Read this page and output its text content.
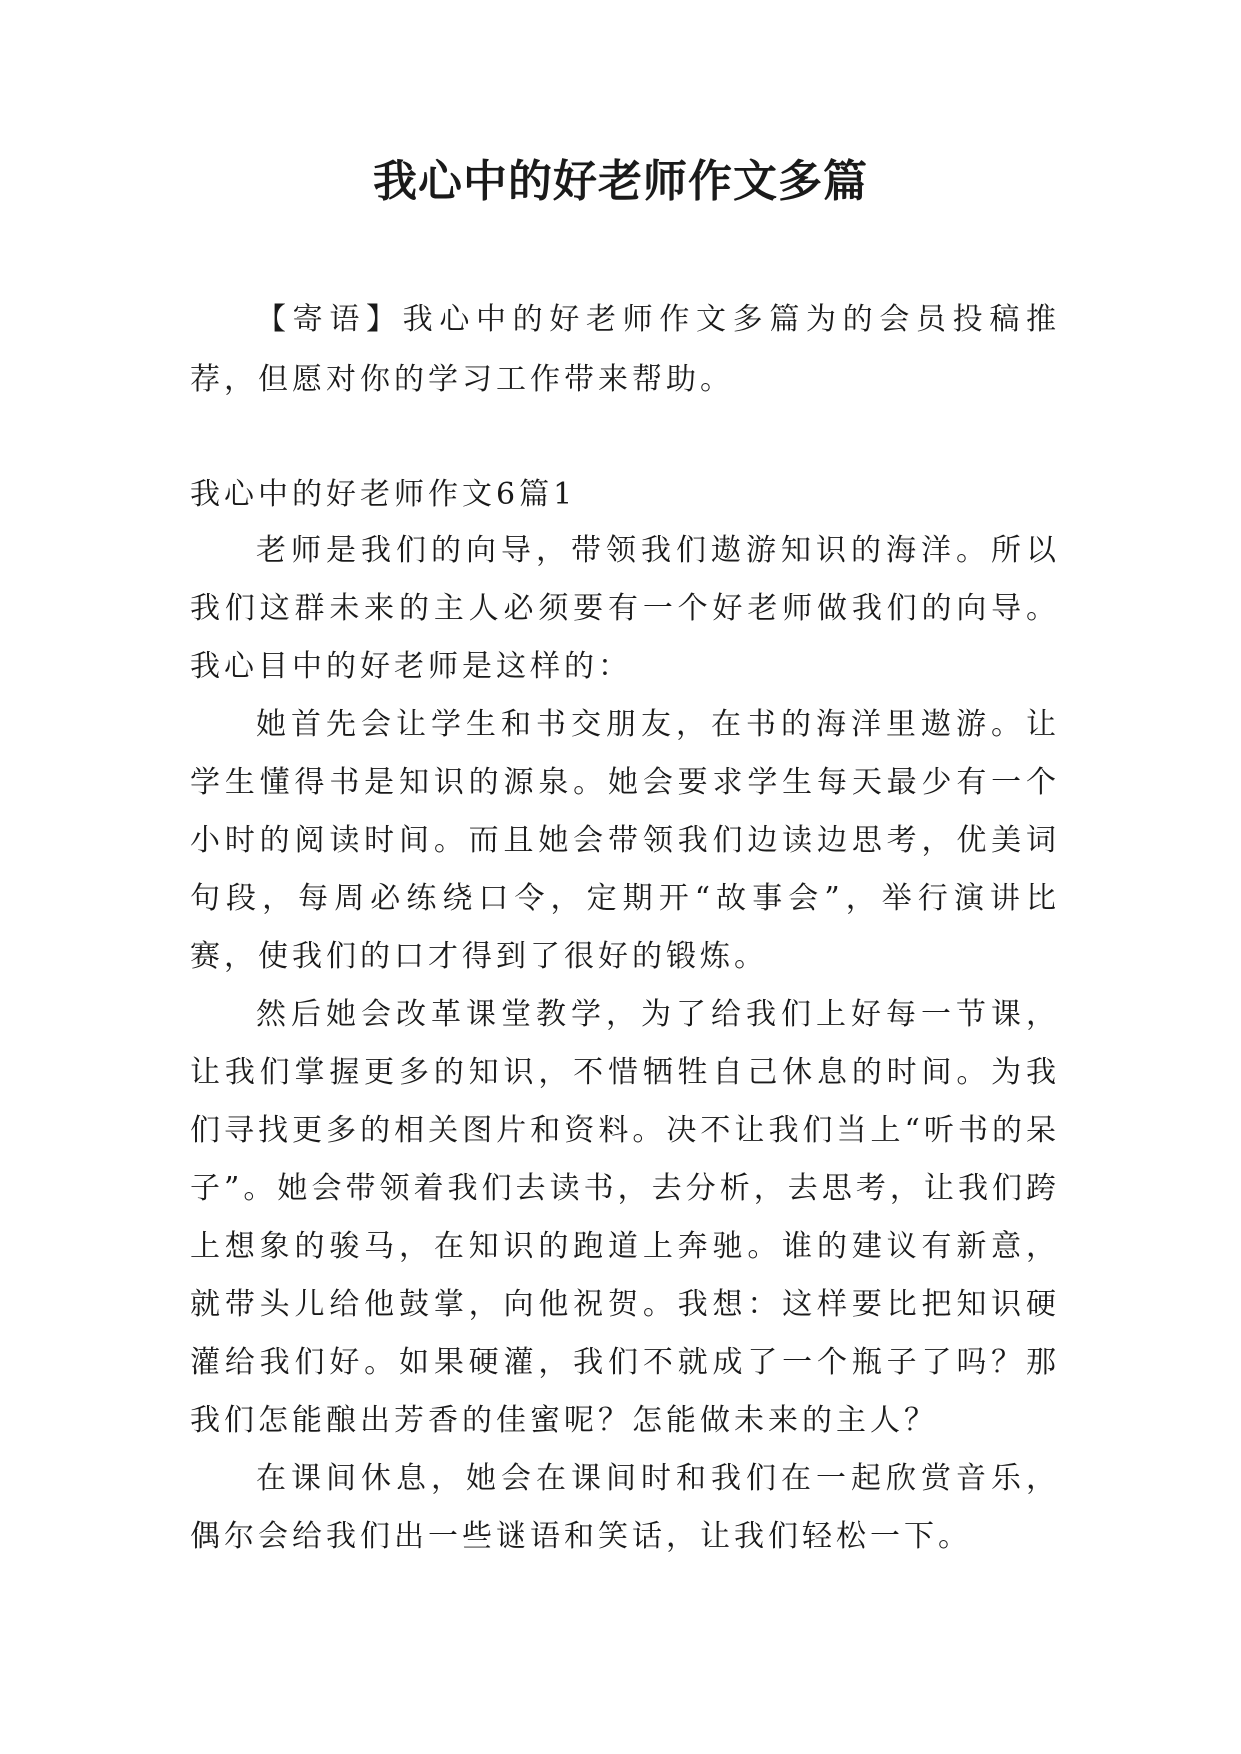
我心中的好老师作文多篇

【寄语】我心中的好老师作文多篇为的会员投稿推荐，但愿对你的学习工作带来帮助。

我心中的好老师作文6篇1

老师是我们的向导，带领我们遨游知识的海洋。所以我们这群未来的主人必须要有一个好老师做我们的向导。我心目中的好老师是这样的：

她首先会让学生和书交朋友，在书的海洋里遨游。让学生懂得书是知识的源泉。她会要求学生每天最少有一个小时的阅读时间。而且她会带领我们边读边思考，优美词句段，每周必练绕口令，定期开“故事会”，举行演讲比赛，使我们的口才得到了很好的锻炼。

然后她会改革课堂教学，为了给我们上好每一节课，让我们掌握更多的知识，不惜牺牲自己休息的时间。为我们寻找更多的相关图片和资料。决不让我们当上“听书的呆子”。她会带领着我们去读书，去分析，去思考，让我们跨上想象的骏马，在知识的跑道上奔驰。谁的建议有新意，就带头儿给他鼓掌，向他祝贺。我想：这样要比把知识硬灌给我们好。如果硬灌，我们不就成了一个瓶子了吗？那我们怎能酿出芳香的佳蜜呢？怎能做未来的主人？

在课间休息，她会在课间时和我们在一起欣赏音乐，偶尔会给我们出一些谜语和笑话，让我们轻松一下。
